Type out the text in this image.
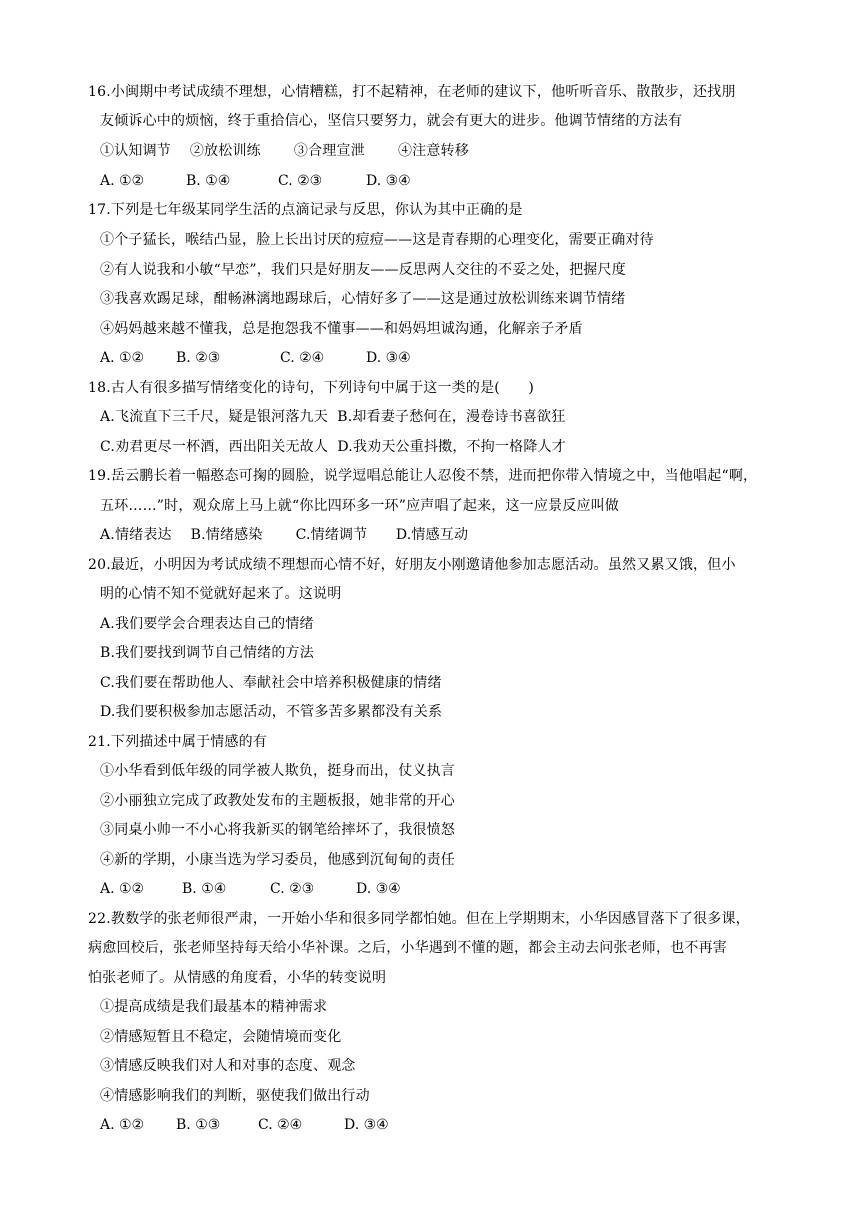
16.小闽期中考试成绩不理想，心情糟糕，打不起精神，在老师的建议下，他听听音乐、散散步，还找朋
友倾诉心中的烦恼，终于重拾信心，坚信只要努力，就会有更大的进步。他调节情绪的方法有
①认知调节　 ②放松训练　　 ③合理宣泄　　 ④注意转移
A. ①②	B. ①④	C. ②③	D. ③④
17.下列是七年级某同学生活的点滴记录与反思，你认为其中正确的是
①个子猛长，喉结凸显，脸上长出讨厌的痘痘——这是青春期的心理变化，需要正确对待
②有人说我和小敏“早恋”，我们只是好朋友——反思两人交往的不妥之处，把握尺度
③我喜欢踢足球，酣畅淋漓地踢球后，心情好多了——这是通过放松训练来调节情绪
④妈妈越来越不懂我，总是抱怨我不懂事——和妈妈坦诚沟通，化解亲子矛盾
A. ①② B. ②③	C. ②④	D. ③④
18.古人有很多描写情绪变化的诗句，下列诗句中属于这一类的是(　　)
A.飞流直下三千尺，疑是银河落九天  B.却看妻子愁何在，漫卷诗书喜欲狂
C.劝君更尽一杯酒，西出阳关无故人  D.我劝天公重抖擞，不拘一格降人才
19.岳云鹏长着一幅憨态可掬的圆脸，说学逗唱总能让人忍俊不禁，进而把你带入情境之中，当他唱起“啊，
五环……”时，观众席上马上就“你比四环多一环”应声唱了起来，这一应景反应叫做
A.情绪表达　 B.情绪感染　　 C.情绪调节　　D.情感互动
20.最近，小明因为考试成绩不理想而心情不好，好朋友小刚邀请他参加志愿活动。虽然又累又饿，但小
明的心情不知不觉就好起来了。这说明
A.我们要学会合理表达自己的情绪
B.我们要找到调节自己情绪的方法
C.我们要在帮助他人、奉献社会中培养积极健康的情绪
D.我们要积极参加志愿活动，不管多苦多累都没有关系
21.下列描述中属于情感的有
①小华看到低年级的同学被人欺负，挺身而出，仗义执言
②小丽独立完成了政教处发布的主题板报，她非常的开心
③同桌小帅一不小心将我新买的钢笔给摔坏了，我很愤怒
④新的学期，小康当选为学习委员，他感到沉甸甸的责任
A. ①②	B. ①④	C. ②③	D. ③④
22.教数学的张老师很严肃，一开始小华和很多同学都怕她。但在上学期期末，小华因感冒落下了很多课，
病愈回校后，张老师坚持每天给小华补课。之后，小华遇到不懂的题，都会主动去问张老师，也不再害
怕张老师了。从情感的角度看，小华的转变说明
①提高成绩是我们最基本的精神需求
②情感短暂且不稳定，会随情境而变化
③情感反映我们对人和对事的态度、观念
④情感影响我们的判断，驱使我们做出行动
A. ①② B. ①③	C. ②④	D. ③④
